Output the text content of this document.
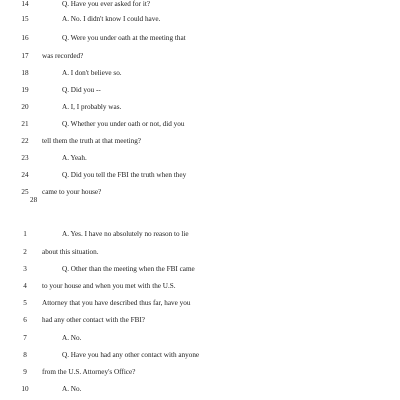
14	Q. Have you ever asked for it?
15	A. No. I didn't know I could have.
16	Q. Were you under oath at the meeting that
17	was recorded?
18	A. I don't believe so.
19	Q. Did you --
20	A. I, I probably was.
21	Q. Whether you under oath or not, did you
22	tell them the truth at that meeting?
23	A. Yeah.
24	Q. Did you tell the FBI the truth when they
25	came to your house?
28
1	A. Yes. I have no absolutely no reason to lie
2	about this situation.
3	Q. Other than the meeting when the FBI came
4	to your house and when you met with the U.S.
5	Attorney that you have described thus far, have you
6	had any other contact with the FBI?
7	A. No.
8	Q. Have you had any other contact with anyone
9	from the U.S. Attorney's Office?
10	A. No.
